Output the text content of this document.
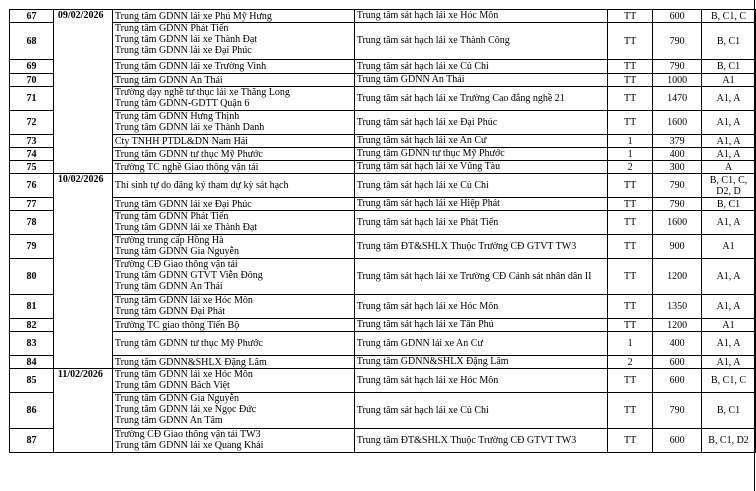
67	09/02/2026	Trung tâm GDNN lái xe Phú Mỹ Hưng	Trung tâm sát hạch lái xe Hóc Môn	TT	600	B, C1, C
68		Trung tâm GDNN Phát Tiến
Trung tâm GDNN lái xe Thành Đạt
Trung tâm GDNN lái xe Đại Phúc	Trung tâm sát hạch lái xe Thành Công	TT	790	B, C1
69		Trung tâm GDNN lái xe Trường Vinh	Trung tâm sát hạch lái xe Củ Chi	TT	790	B, C1
70		Trung tâm GDNN An Thái	Trung tâm GDNN An Thái	TT	1000	A1
71		Trường dạy nghề tư thục lái xe Thăng Long
Trung tâm GDNN-GDTT Quận 6	Trung tâm sát hạch lái xe Trường Cao đẳng nghề 21	TT	1470	A1, A
72		Trung tâm GDNN Hưng Thịnh
Trung tâm GDNN lái xe Thành Danh	Trung tâm sát hạch lái xe Đại Phúc	TT	1600	A1, A
73		Cty TNHH PTDL&DN Nam Hải	Trung tâm sát hạch lái xe An Cư	1	379	A1, A
74		Trung tâm GDNN tư thục Mỹ Phước	Trung tâm GDNN tư thục Mỹ Phước	1	400	A1, A
75		Trường TC nghề Giao thông vận tải	Trung tâm sát hạch lái xe Vũng Tàu	2	300	A
76	10/02/2026	Thí sinh tự do đăng ký tham dự kỳ sát hạch	Trung tâm sát hạch lái xe Củ Chi	TT	790	B, C1, C, D2, D
77		Trung tâm GDNN lái xe Đại Phúc	Trung tâm sát hạch lái xe Hiệp Phát	TT	790	B, C1
78		Trung tâm GDNN Phát Tiến
Trung tâm GDNN lái xe Thành Đạt	Trung tâm sát hạch lái xe Phát Tiến	TT	1600	A1, A
79		Trường trung cấp Hồng Hà
Trung tâm GDNN Gia Nguyễn	Trung tâm ĐT&SHLX Thuộc Trường CĐ GTVT TW3	TT	900	A1
80		Trường CĐ Giao thông vận tải
Trung tâm GDNN GTVT Viễn Đông
Trung tâm GDNN An Thái	Trung tâm sát hạch lái xe Trường CĐ Cảnh sát nhân dân II	TT	1200	A1, A
81		Trung tâm GDNN lái xe Hóc Môn
Trung tâm GDNN Đại Phát	Trung tâm sát hạch lái xe Hóc Môn	TT	1350	A1, A
82		Trường TC giao thông Tiến Bộ	Trung tâm sát hạch lái xe Tân Phú	TT	1200	A1
83		Trung tâm GDNN tư thục Mỹ Phước	Trung tâm GDNN lái xe An Cư	1	400	A1, A
84		Trung tâm GDNN&SHLX Đặng Lâm	Trung tâm GDNN&SHLX Đặng Lâm	2	600	A1, A
85	11/02/2026	Trung tâm GDNN lái xe Hóc Môn
Trung tâm GDNN Bách Việt	Trung tâm sát hạch lái xe Hóc Môn	TT	600	B, C1, C
86		Trung tâm GDNN Gia Nguyễn
Trung tâm GDNN lái xe Ngọc Đức
Trung tâm GDNN An Tâm	Trung tâm sát hạch lái xe Củ Chi	TT	790	B, C1
87		Trường CĐ Giao thông vận tải TW3
Trung tâm GDNN lái xe Quang Khải	Trung tâm ĐT&SHLX Thuộc Trường CĐ GTVT TW3	TT	600	B, C1, D2
